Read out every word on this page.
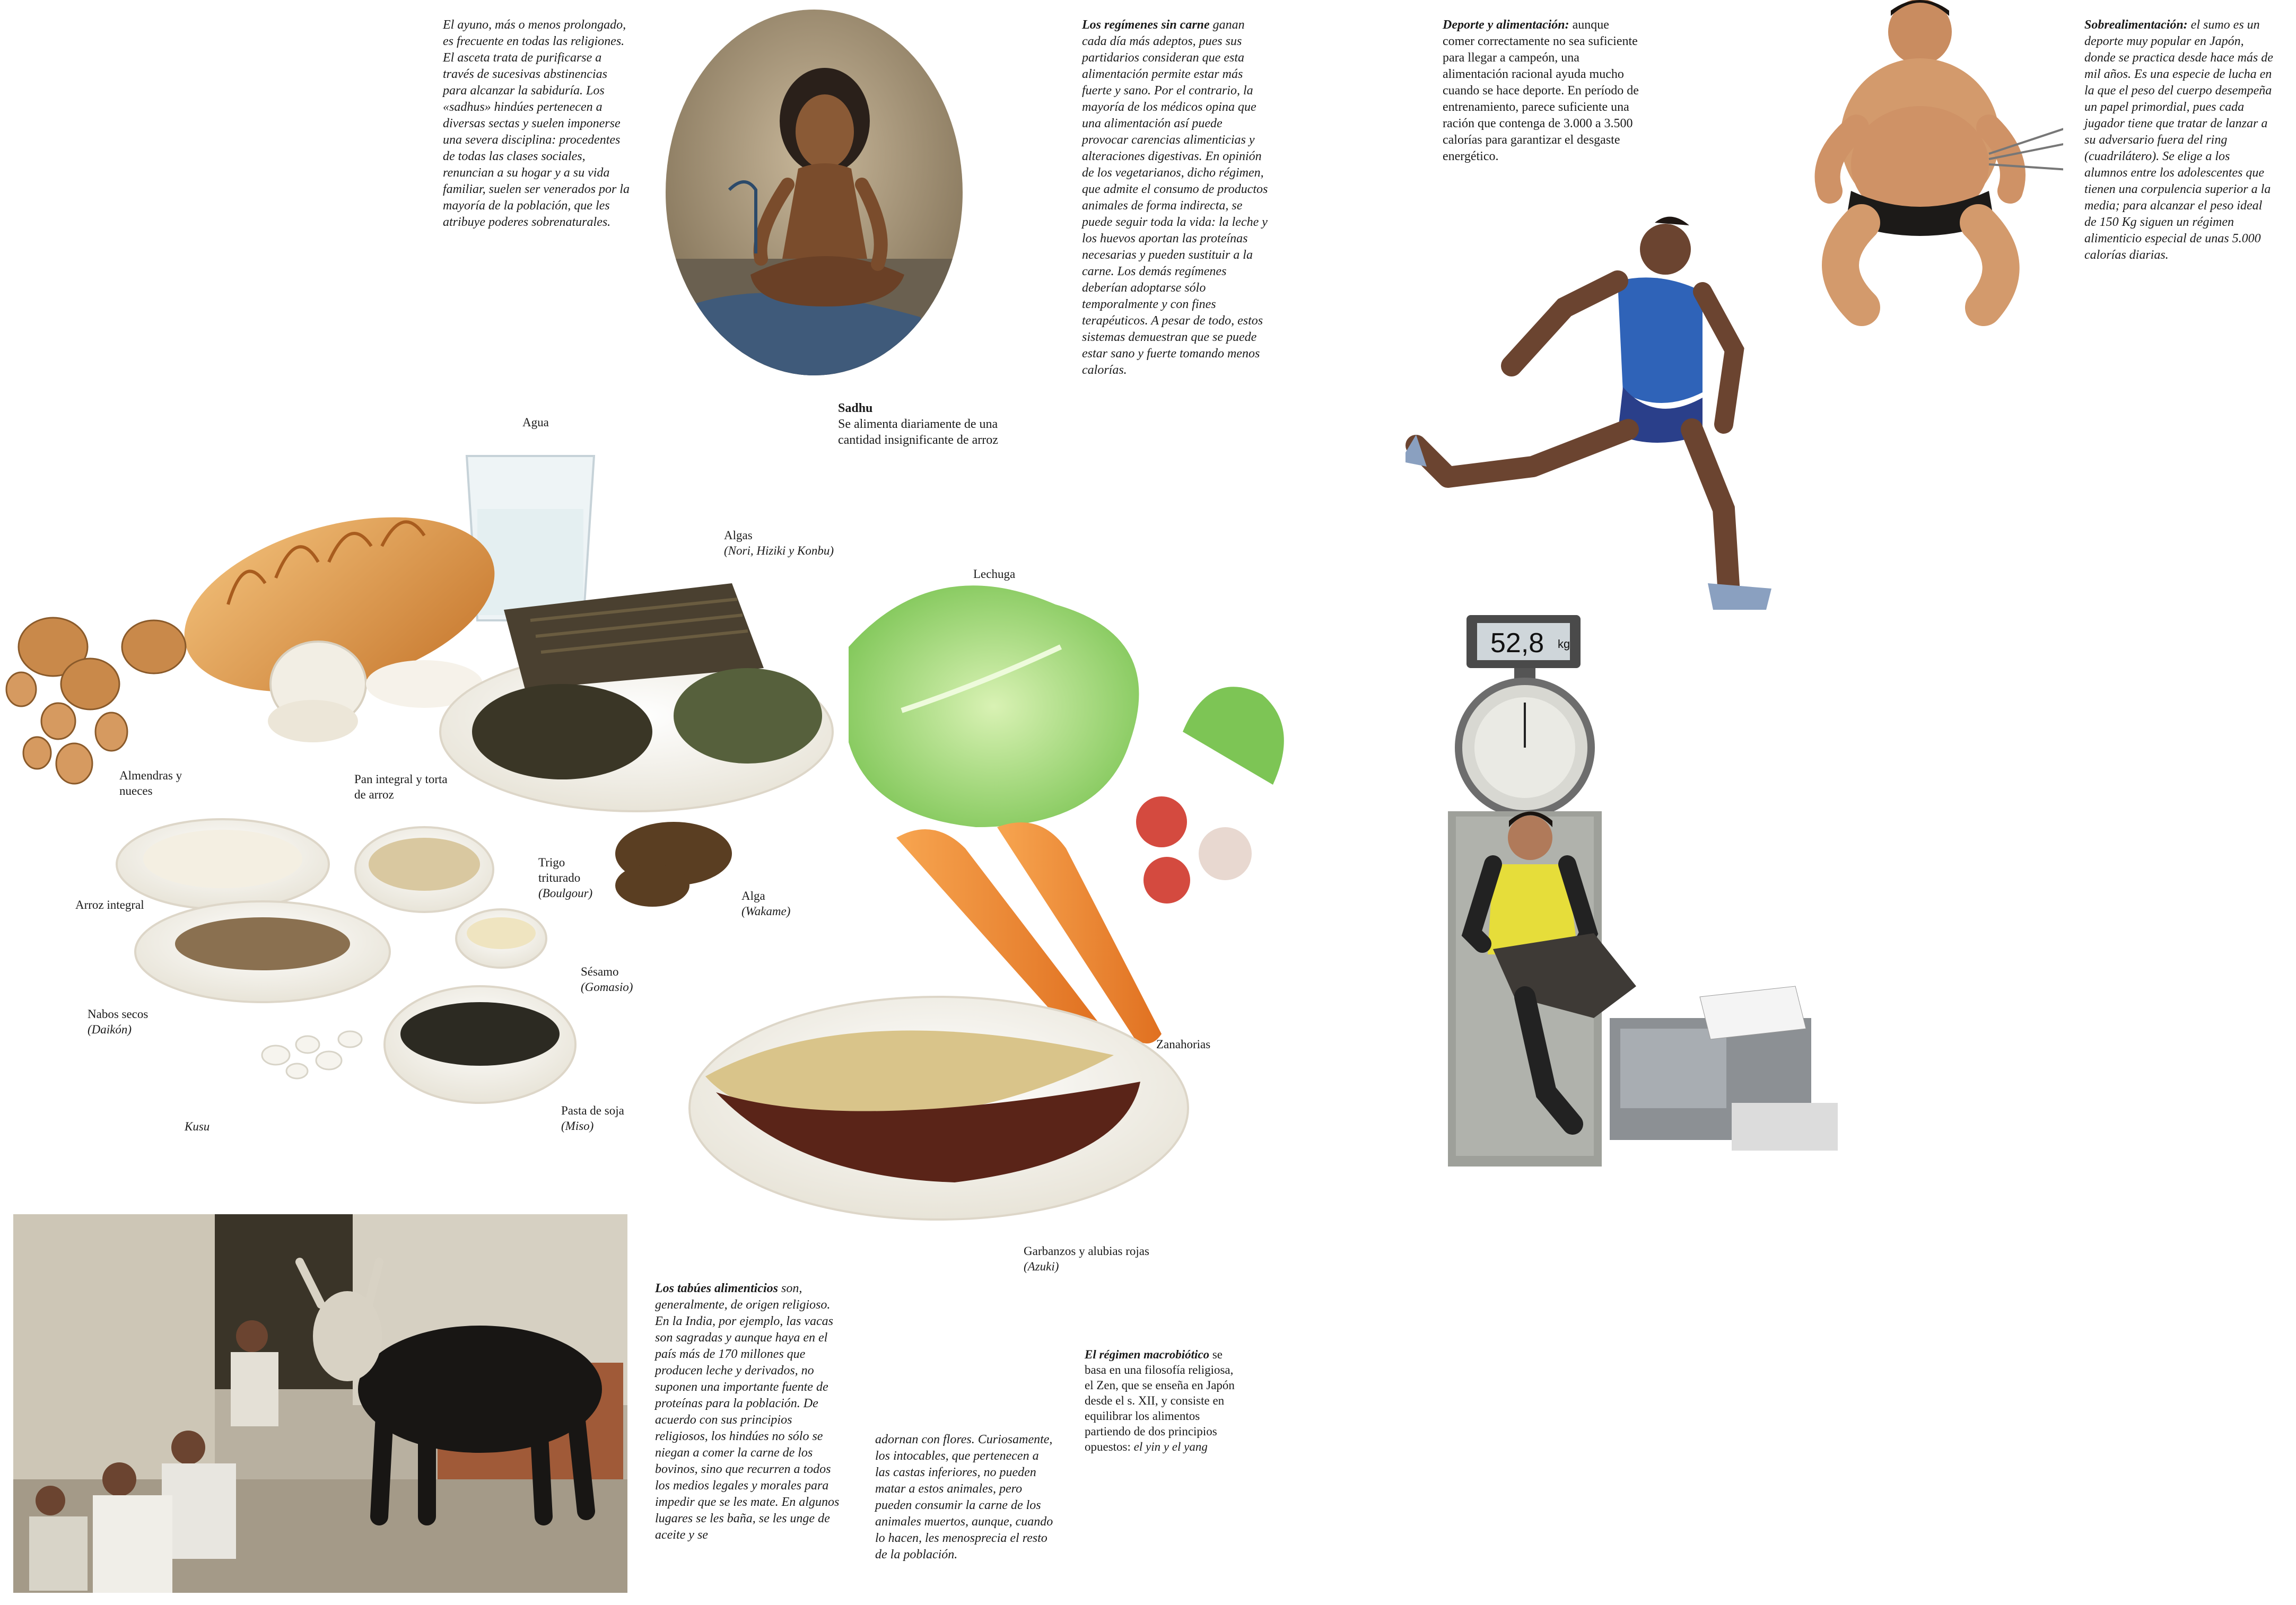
El ayuno, más o menos prolongado, es frecuente en todas las religiones. El asceta trata de purificarse a través de sucesivas abstinencias para alcanzar la sabiduría. Los «sadhus» hindúes pertenecen a diversas sectas y suelen imponerse una severa disciplina: procedentes de todas las clases sociales, renuncian a su hogar y a su vida familiar, suelen ser venerados por la mayoría de la población, que les atribuye poderes sobrenaturales.
Los regímenes sin carne ganan cada día más adeptos, pues sus partidarios consideran que esta alimentación permite estar más fuerte y sano. Por el contrario, la mayoría de los médicos opina que una alimentación así puede provocar carencias alimenticias y alteraciones digestivas. En opinión de los vegetarianos, dicho régimen, que admite el consumo de productos animales de forma indirecta, se puede seguir toda la vida: la leche y los huevos aportan las proteínas necesarias y pueden sustituir a la carne. Los demás regímenes deberían adoptarse sólo temporalmente y con fines terapéuticos. A pesar de todo, estos sistemas demuestran que se puede estar sano y fuerte tomando menos calorías.
Sadhu
Se alimenta diariamente de una cantidad insignificante de arroz
Deporte y alimentación: aunque comer correctamente no sea suficiente para llegar a campeón, una alimentación racional ayuda mucho cuando se hace deporte. En período de entrenamiento, parece suficiente una ración que contenga de 3.000 a 3.500 calorías para garantizar el desgaste energético.
Sobrealimentación: el sumo es un deporte muy popular en Japón, donde se practica desde hace más de mil años. Es una especie de lucha en la que el peso del cuerpo desempeña un papel primordial, pues cada jugador tiene que tratar de lanzar a su adversario fuera del ring (cuadrilátero). Se elige a los alumnos entre los adolescentes que tienen una corpulencia superior a la media; para alcanzar el peso ideal de 150 Kg siguen un régimen alimenticio especial de unas 5.000 calorías diarias.
Los tabúes alimenticios son, generalmente, de origen religioso. En la India, por ejemplo, las vacas son sagradas y aunque haya en el país más de 170 millones que producen leche y derivados, no suponen una importante fuente de proteínas para la población. De acuerdo con sus principios religiosos, los hindúes no sólo se niegan a comer la carne de los bovinos, sino que recurren a todos los medios legales y morales para impedir que se les mate. En algunos lugares se les baña, se les unge de aceite y se
adornan con flores. Curiosamente, los intocables, que pertenecen a las castas inferiores, no pueden matar a estos animales, pero pueden consumir la carne de los animales muertos, aunque, cuando lo hacen, les menosprecia el resto de la población.
El régimen macrobiótico se basa en una filosofía religiosa, el Zen, que se enseña en Japón desde el s. XII, y consiste en equilibrar los alimentos partiendo de dos principios opuestos: el yin y el yang
Agua
Algas
(Nori, Hiziki y Konbu)
Lechuga
Almendras y nueces
Pan integral y torta de arroz
Trigo triturado
(Boulgour)	Alga
(Wakame)
Arroz integral
Sésamo
(Gomasio)
Nabos secos
(Daikón)
Zanahorias
Pasta de soja
(Miso)
Kusu
Garbanzos y alubias rojas
(Azuki)
52,8 kg
